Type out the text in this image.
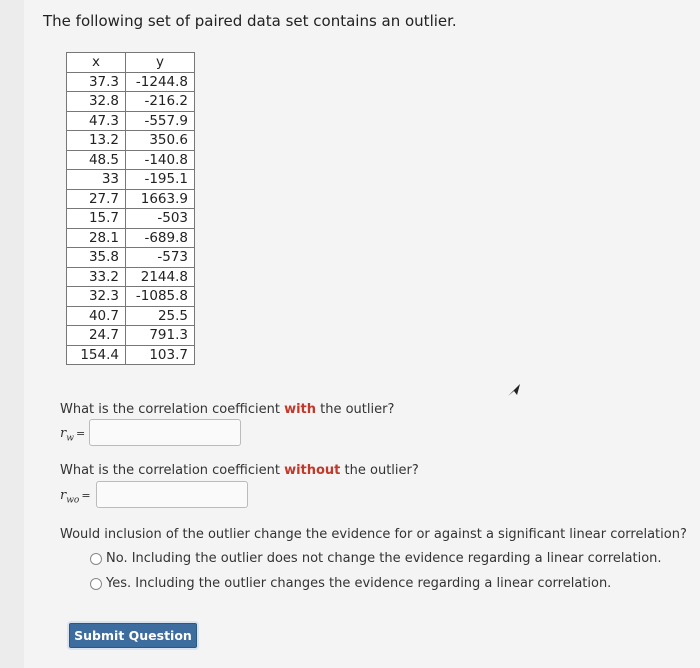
The following set of paired data set contains an outlier.
x	y
37.3	-1244.8
32.8	-216.2
47.3	-557.9
13.2	350.6
48.5	-140.8
33	-195.1
27.7	1663.9
15.7	-503
28.1	-689.8
35.8	-573
33.2	2144.8
32.3	-1085.8
40.7	25.5
24.7	791.3
154.4	103.7
What is the correlation coefficient with the outlier?
$r_w$ =
What is the correlation coefficient without the outlier?
$r_{wo}$ =
Would inclusion of the outlier change the evidence for or against a significant linear correlation?
No. Including the outlier does not change the evidence regarding a linear correlation.
Yes. Including the outlier changes the evidence regarding a linear correlation.
Submit Question
